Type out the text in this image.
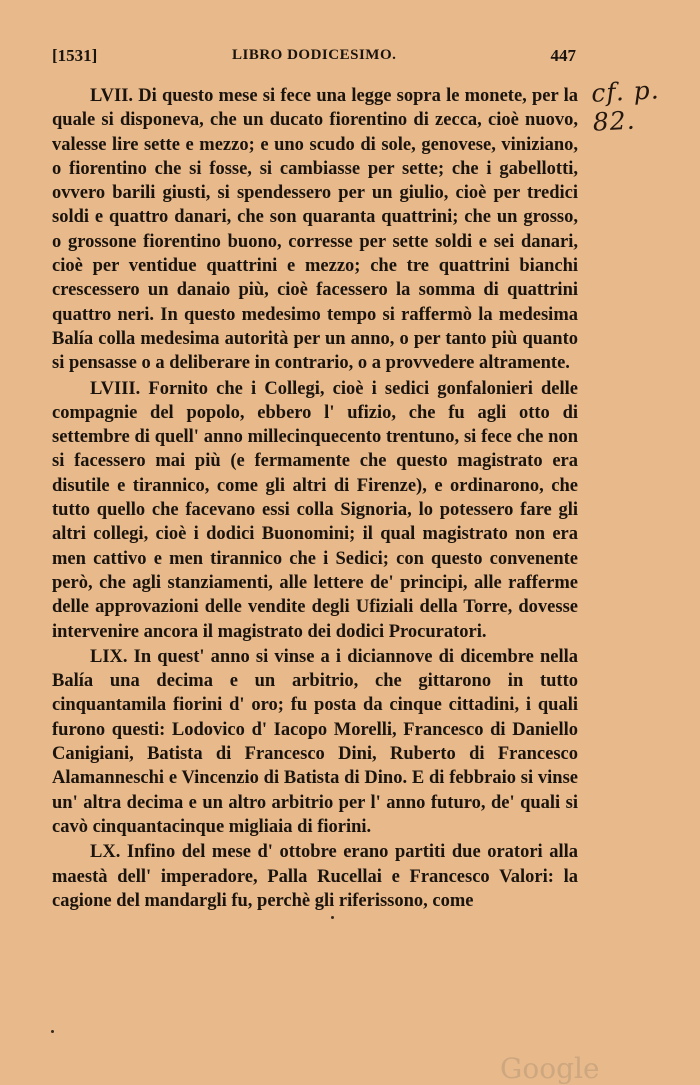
[1531]	LIBRO DODICESIMO.	447
cf. p. 82.

LVII. Di questo mese si fece una legge sopra le monete, per la quale si disponeva, che un ducato fiorentino di zecca, cioè nuovo, valesse lire sette e mezzo; e uno scudo di sole, genovese, viniziano, o fiorentino che si fosse, si cambiasse per sette; che i gabellotti, ovvero barili giusti, si spendessero per un giulio, cioè per tredici soldi e quattro danari, che son quaranta quattrini; che un grosso, o grossone fiorentino buono, corresse per sette soldi e sei danari, cioè per ventidue quattrini e mezzo; che tre quattrini bianchi crescessero un danaio più, cioè facessero la somma di quattrini quattro neri. In questo medesimo tempo si raffermò la medesima Balía colla medesima autorità per un anno, o per tanto più quanto si pensasse o a deliberare in contrario, o a provvedere altramente.

LVIII. Fornito che i Collegi, cioè i sedici gonfalonieri delle compagnie del popolo, ebbero l' ufizio, che fu agli otto di settembre di quell' anno millecinquecento trentuno, si fece che non si facessero mai più (e fermamente che questo magistrato era disutile e tirannico, come gli altri di Firenze), e ordinarono, che tutto quello che facevano essi colla Signoria, lo potessero fare gli altri collegi, cioè i dodici Buonomini; il qual magistrato non era men cattivo e men tirannico che i Sedici; con questo convenente però, che agli stanziamenti, alle lettere de' principi, alle rafferme delle approvazioni delle vendite degli Ufiziali della Torre, dovesse intervenire ancora il magistrato dei dodici Procuratori.

LIX. In quest' anno si vinse a i diciannove di dicembre nella Balía una decima e un arbitrio, che gittarono in tutto cinquantamila fiorini d' oro; fu posta da cinque cittadini, i quali furono questi: Lodovico d' Iacopo Morelli, Francesco di Daniello Canigiani, Batista di Francesco Dini, Ruberto di Francesco Alamanneschi e Vincenzio di Batista di Dino. E di febbraio si vinse un' altra decima e un altro arbitrio per l' anno futuro, de' quali si cavò cinquantacinque migliaia di fiorini.

LX. Infino del mese d' ottobre erano partiti due oratori alla maestà dell' imperadore, Palla Rucellai e Francesco Valori: la cagione del mandargli fu, perchè gli riferissono, come

Google
